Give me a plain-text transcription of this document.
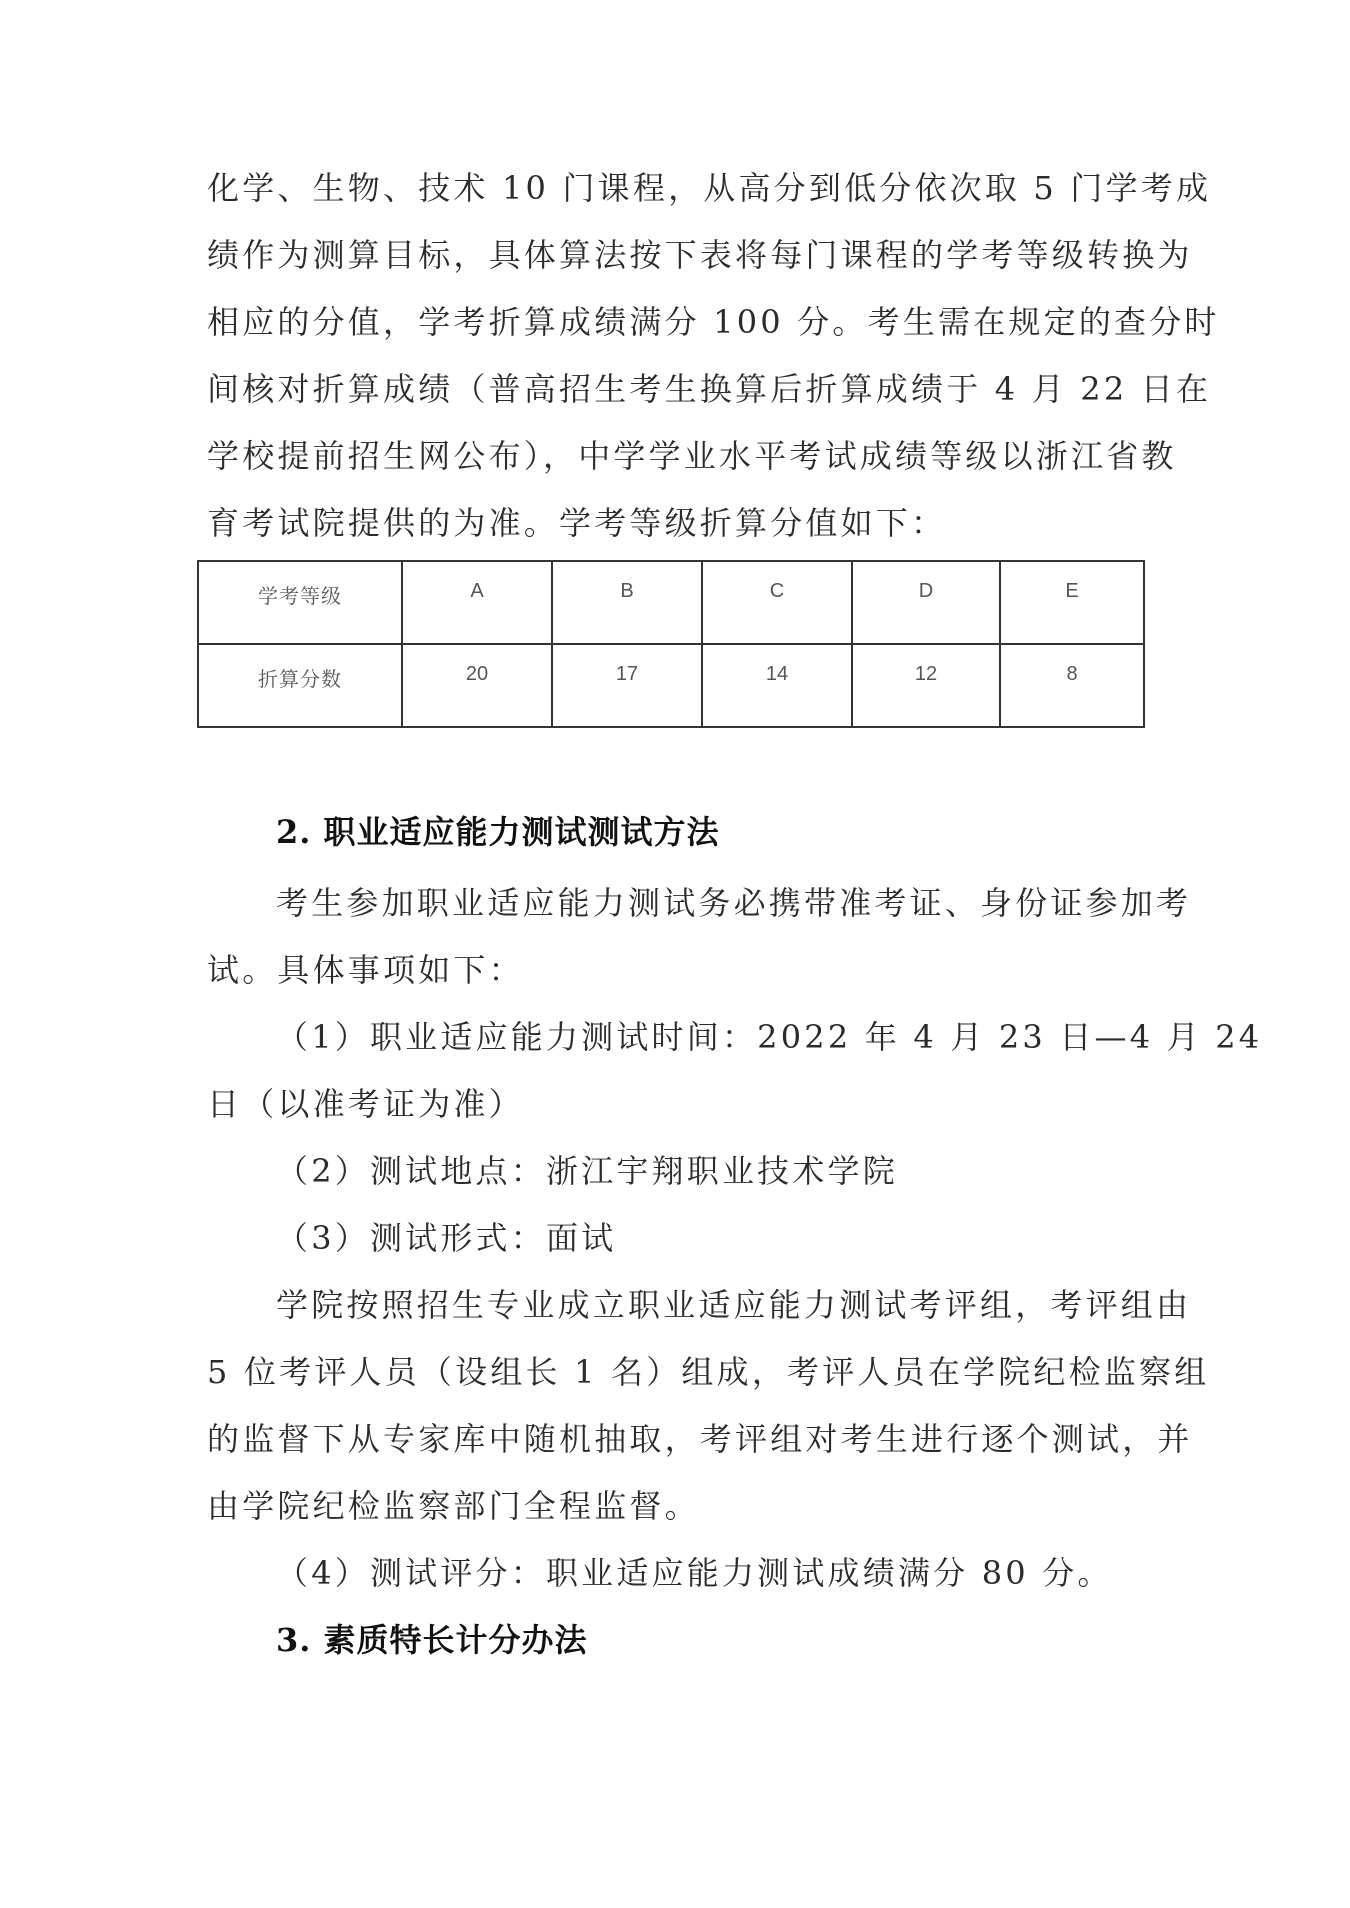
化学、生物、技术 10 门课程，从高分到低分依次取 5 门学考成
绩作为测算目标，具体算法按下表将每门课程的学考等级转换为
相应的分值，学考折算成绩满分 100 分。考生需在规定的查分时
间核对折算成绩（普高招生考生换算后折算成绩于 4 月 22 日在
学校提前招生网公布），中学学业水平考试成绩等级以浙江省教
育考试院提供的为准。学考等级折算分值如下：
学考等级	A	B	C	D	E
折算分数	20	17	14	12	8
2. 职业适应能力测试测试方法
考生参加职业适应能力测试务必携带准考证、身份证参加考
试。具体事项如下：
（1）职业适应能力测试时间：2022 年 4 月 23 日—4 月 24
日（以准考证为准）
（2）测试地点：浙江宇翔职业技术学院
（3）测试形式：面试
学院按照招生专业成立职业适应能力测试考评组，考评组由
5 位考评人员（设组长 1 名）组成，考评人员在学院纪检监察组
的监督下从专家库中随机抽取，考评组对考生进行逐个测试，并
由学院纪检监察部门全程监督。
（4）测试评分：职业适应能力测试成绩满分 80 分。
3. 素质特长计分办法
